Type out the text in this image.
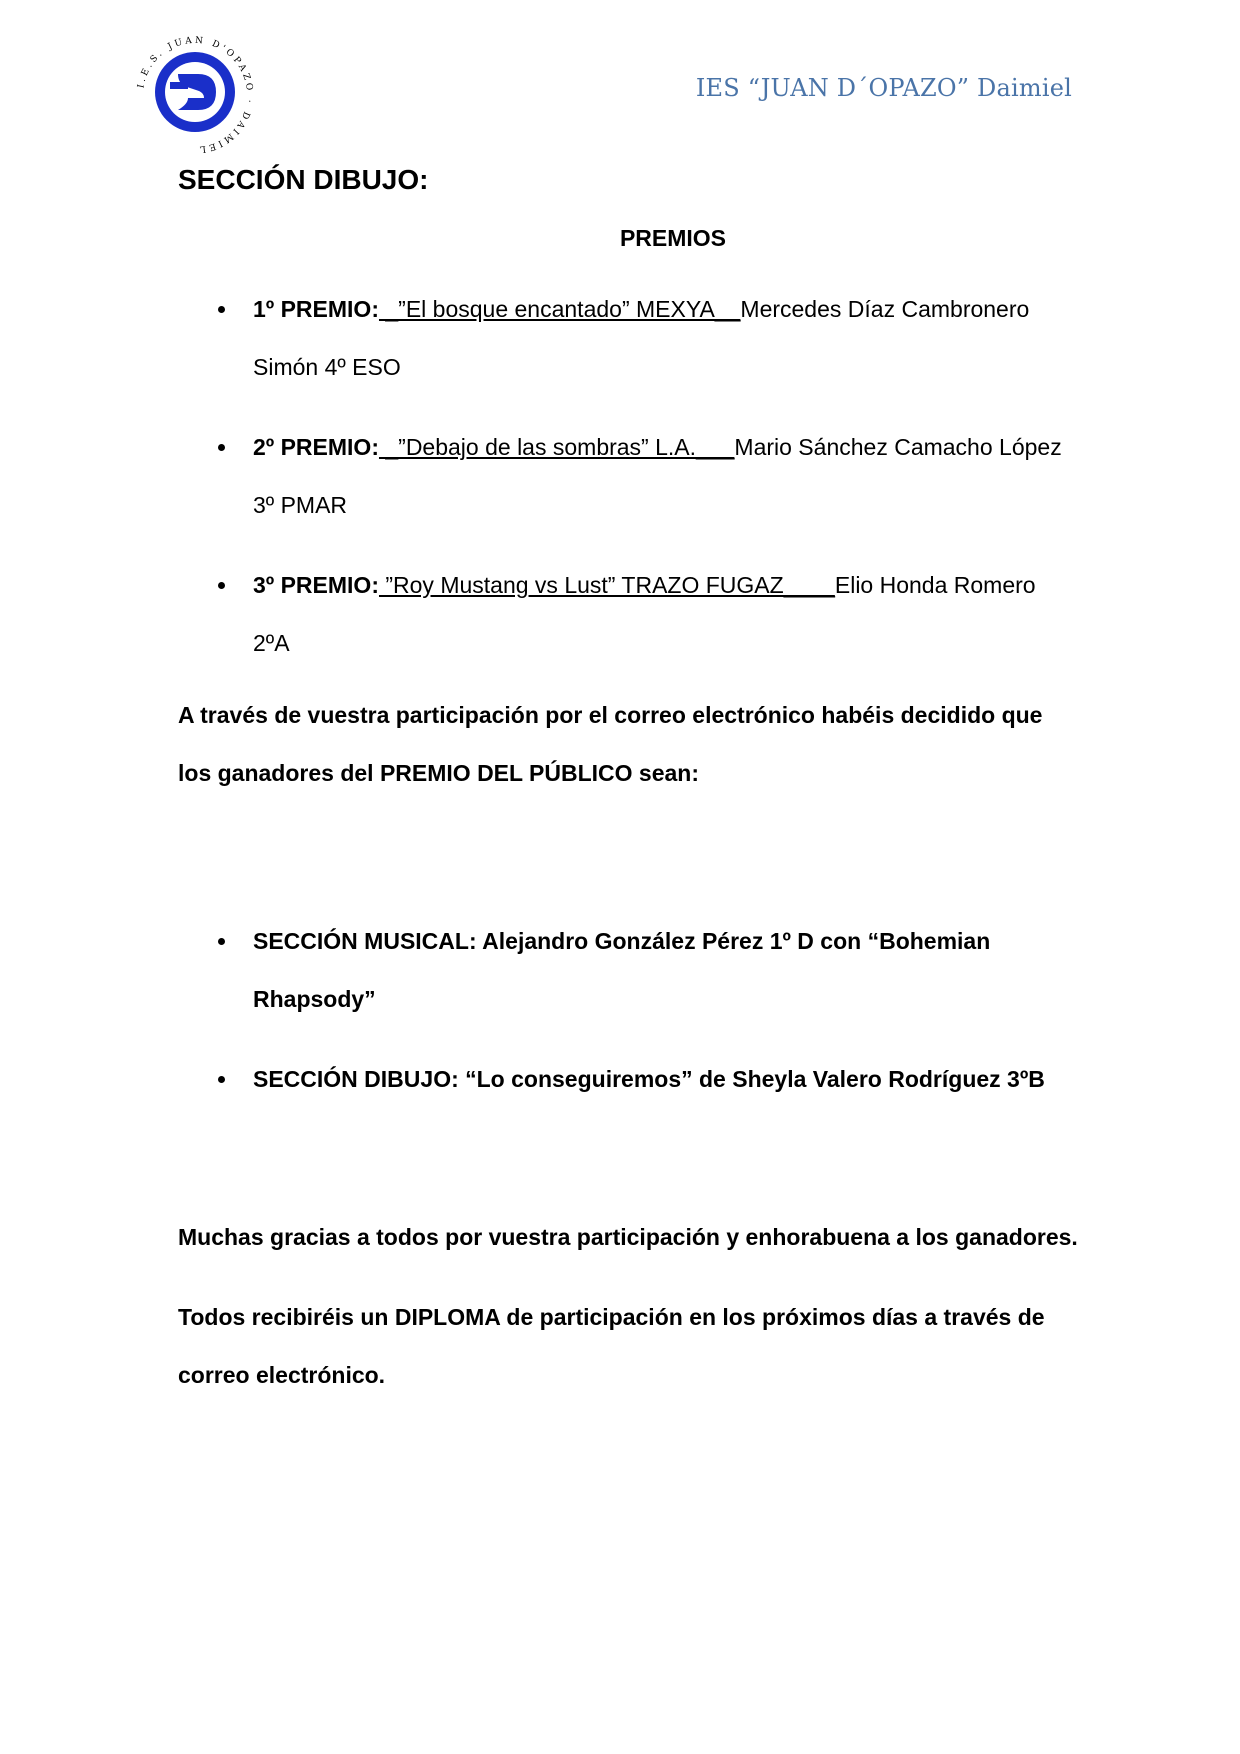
I.E.S. JUAN D'OPAZO · DAIMIEL
IES “JUAN D´OPAZO” Daimiel
SECCIÓN DIBUJO:
PREMIOS
1º PREMIO: _”El bosque encantado” MEXYA__Mercedes Díaz Cambronero Simón 4º ESO
2º PREMIO: _”Debajo de las sombras” L.A.___Mario Sánchez Camacho López 3º PMAR
3º PREMIO: ”Roy Mustang vs Lust” TRAZO FUGAZ____Elio Honda Romero 2ºA

A través de vuestra participación por el correo electrónico habéis decidido que los ganadores del PREMIO DEL PÚBLICO sean:

SECCIÓN MUSICAL: Alejandro González Pérez 1º D con “Bohemian Rhapsody”
SECCIÓN DIBUJO: “Lo conseguiremos” de Sheyla Valero Rodríguez 3ºB

Muchas gracias a todos por vuestra participación y enhorabuena a los ganadores.

Todos recibiréis un DIPLOMA de participación en los próximos días a través de correo electrónico.
